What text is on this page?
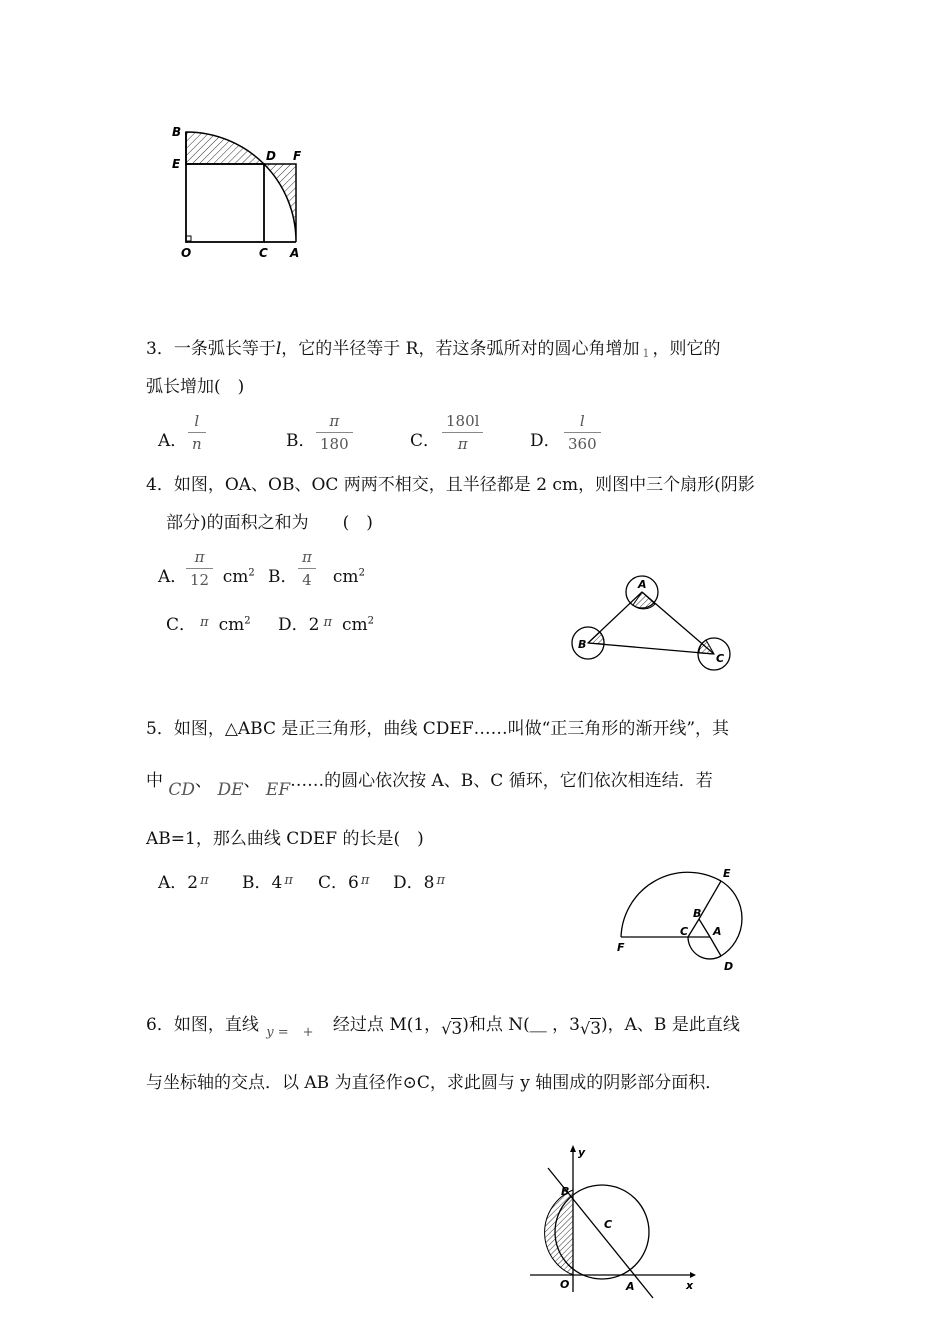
B
E
D F
O	C A
3．一条弧长等于l，它的半径等于 R，若这条弧所对的圆心角增加 1 ，则它的
弧长增加(　)
A．
l
n	B．
π
180	C．
180l
π	D．
l
360
4．如图，OA、OB、OC 两两不相交，且半径都是 2 cm，则图中三个扇形(阴影
部分)的面积之和为　　(　)
A． $cm^2$
π
12	B． $cm^2$
π
4
C． $^\pi$ $cm^2$ D．2 $^\pi$ $cm^2$
A
B
C
5．如图，△ABC 是正三角形，曲线 CDEF……叫做“正三角形的渐开线”，其
中 CD、 DE、 EF……的圆心依次按 A、B、C 循环，它们依次相连结．若
AB=1，那么曲线 CDEF 的长是(　)
A．2 $^\pi$ B．4 $^\pi$ C．6 $^\pi$ D．8 $^\pi$	E
B
C A
F
D
6．如图，直线 $_{y =}$ $_+$ 经过点 M(1，√3)和点 N(＿ ，3√3)，A、B 是此直线
与坐标轴的交点．以 AB 为直径作⊙C，求此圆与 y 轴围成的阴影部分面积．
y
x
B
C
O	A
